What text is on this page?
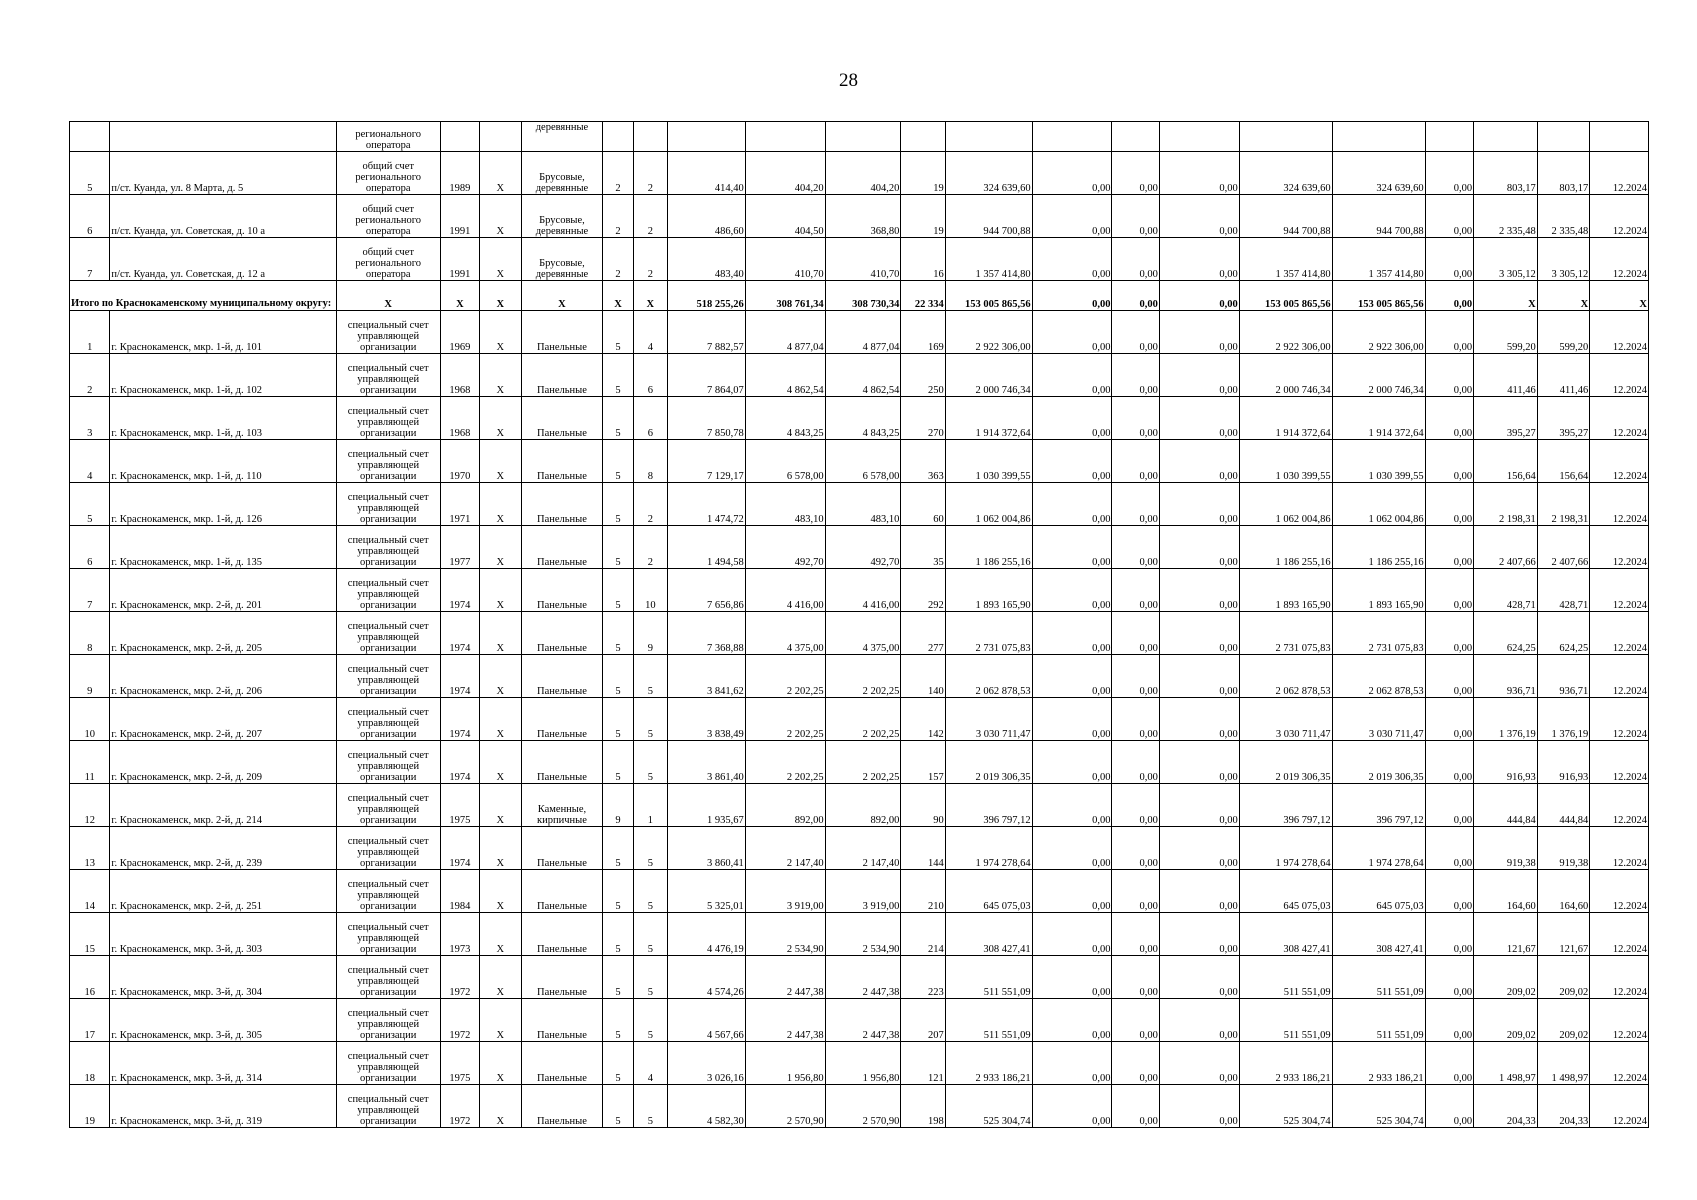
28
		регионального оператора			деревянные																
5	п/ст. Куанда, ул. 8 Марта, д. 5	общий счет регионального оператора	1989	X	Брусовые, деревянные	2	2	414,40	404,20	404,20	19	324 639,60	0,00	0,00	0,00	324 639,60	324 639,60	0,00	803,17	803,17	12.2024
6	п/ст. Куанда, ул. Советская, д. 10 а	общий счет регионального оператора	1991	X	Брусовые, деревянные	2	2	486,60	404,50	368,80	19	944 700,88	0,00	0,00	0,00	944 700,88	944 700,88	0,00	2 335,48	2 335,48	12.2024
7	п/ст. Куанда, ул. Советская, д. 12 а	общий счет регионального оператора	1991	X	Брусовые, деревянные	2	2	483,40	410,70	410,70	16	1 357 414,80	0,00	0,00	0,00	1 357 414,80	1 357 414,80	0,00	3 305,12	3 305,12	12.2024
Итого по Краснокаменскому муниципальному округу:		X	X	X	X	X	X	518 255,26	308 761,34	308 730,34	22 334	153 005 865,56	0,00	0,00	0,00	153 005 865,56	153 005 865,56	0,00	X	X	X
1	г. Краснокаменск, мкр. 1-й, д. 101	специальный счет управляющей организации	1969	X	Панельные	5	4	7 882,57	4 877,04	4 877,04	169	2 922 306,00	0,00	0,00	0,00	2 922 306,00	2 922 306,00	0,00	599,20	599,20	12.2024
2	г. Краснокаменск, мкр. 1-й, д. 102	специальный счет управляющей организации	1968	X	Панельные	5	6	7 864,07	4 862,54	4 862,54	250	2 000 746,34	0,00	0,00	0,00	2 000 746,34	2 000 746,34	0,00	411,46	411,46	12.2024
3	г. Краснокаменск, мкр. 1-й, д. 103	специальный счет управляющей организации	1968	X	Панельные	5	6	7 850,78	4 843,25	4 843,25	270	1 914 372,64	0,00	0,00	0,00	1 914 372,64	1 914 372,64	0,00	395,27	395,27	12.2024
4	г. Краснокаменск, мкр. 1-й, д. 110	специальный счет управляющей организации	1970	X	Панельные	5	8	7 129,17	6 578,00	6 578,00	363	1 030 399,55	0,00	0,00	0,00	1 030 399,55	1 030 399,55	0,00	156,64	156,64	12.2024
5	г. Краснокаменск, мкр. 1-й, д. 126	специальный счет управляющей организации	1971	X	Панельные	5	2	1 474,72	483,10	483,10	60	1 062 004,86	0,00	0,00	0,00	1 062 004,86	1 062 004,86	0,00	2 198,31	2 198,31	12.2024
6	г. Краснокаменск, мкр. 1-й, д. 135	специальный счет управляющей организации	1977	X	Панельные	5	2	1 494,58	492,70	492,70	35	1 186 255,16	0,00	0,00	0,00	1 186 255,16	1 186 255,16	0,00	2 407,66	2 407,66	12.2024
7	г. Краснокаменск, мкр. 2-й, д. 201	специальный счет управляющей организации	1974	X	Панельные	5	10	7 656,86	4 416,00	4 416,00	292	1 893 165,90	0,00	0,00	0,00	1 893 165,90	1 893 165,90	0,00	428,71	428,71	12.2024
8	г. Краснокаменск, мкр. 2-й, д. 205	специальный счет управляющей организации	1974	X	Панельные	5	9	7 368,88	4 375,00	4 375,00	277	2 731 075,83	0,00	0,00	0,00	2 731 075,83	2 731 075,83	0,00	624,25	624,25	12.2024
9	г. Краснокаменск, мкр. 2-й, д. 206	специальный счет управляющей организации	1974	X	Панельные	5	5	3 841,62	2 202,25	2 202,25	140	2 062 878,53	0,00	0,00	0,00	2 062 878,53	2 062 878,53	0,00	936,71	936,71	12.2024
10	г. Краснокаменск, мкр. 2-й, д. 207	специальный счет управляющей организации	1974	X	Панельные	5	5	3 838,49	2 202,25	2 202,25	142	3 030 711,47	0,00	0,00	0,00	3 030 711,47	3 030 711,47	0,00	1 376,19	1 376,19	12.2024
11	г. Краснокаменск, мкр. 2-й, д. 209	специальный счет управляющей организации	1974	X	Панельные	5	5	3 861,40	2 202,25	2 202,25	157	2 019 306,35	0,00	0,00	0,00	2 019 306,35	2 019 306,35	0,00	916,93	916,93	12.2024
12	г. Краснокаменск, мкр. 2-й, д. 214	специальный счет управляющей организации	1975	X	Каменные, кирпичные	9	1	1 935,67	892,00	892,00	90	396 797,12	0,00	0,00	0,00	396 797,12	396 797,12	0,00	444,84	444,84	12.2024
13	г. Краснокаменск, мкр. 2-й, д. 239	специальный счет управляющей организации	1974	X	Панельные	5	5	3 860,41	2 147,40	2 147,40	144	1 974 278,64	0,00	0,00	0,00	1 974 278,64	1 974 278,64	0,00	919,38	919,38	12.2024
14	г. Краснокаменск, мкр. 2-й, д. 251	специальный счет управляющей организации	1984	X	Панельные	5	5	5 325,01	3 919,00	3 919,00	210	645 075,03	0,00	0,00	0,00	645 075,03	645 075,03	0,00	164,60	164,60	12.2024
15	г. Краснокаменск, мкр. 3-й, д. 303	специальный счет управляющей организации	1973	X	Панельные	5	5	4 476,19	2 534,90	2 534,90	214	308 427,41	0,00	0,00	0,00	308 427,41	308 427,41	0,00	121,67	121,67	12.2024
16	г. Краснокаменск, мкр. 3-й, д. 304	специальный счет управляющей организации	1972	X	Панельные	5	5	4 574,26	2 447,38	2 447,38	223	511 551,09	0,00	0,00	0,00	511 551,09	511 551,09	0,00	209,02	209,02	12.2024
17	г. Краснокаменск, мкр. 3-й, д. 305	специальный счет управляющей организации	1972	X	Панельные	5	5	4 567,66	2 447,38	2 447,38	207	511 551,09	0,00	0,00	0,00	511 551,09	511 551,09	0,00	209,02	209,02	12.2024
18	г. Краснокаменск, мкр. 3-й, д. 314	специальный счет управляющей организации	1975	X	Панельные	5	4	3 026,16	1 956,80	1 956,80	121	2 933 186,21	0,00	0,00	0,00	2 933 186,21	2 933 186,21	0,00	1 498,97	1 498,97	12.2024
19	г. Краснокаменск, мкр. 3-й, д. 319	специальный счет управляющей организации	1972	X	Панельные	5	5	4 582,30	2 570,90	2 570,90	198	525 304,74	0,00	0,00	0,00	525 304,74	525 304,74	0,00	204,33	204,33	12.2024
